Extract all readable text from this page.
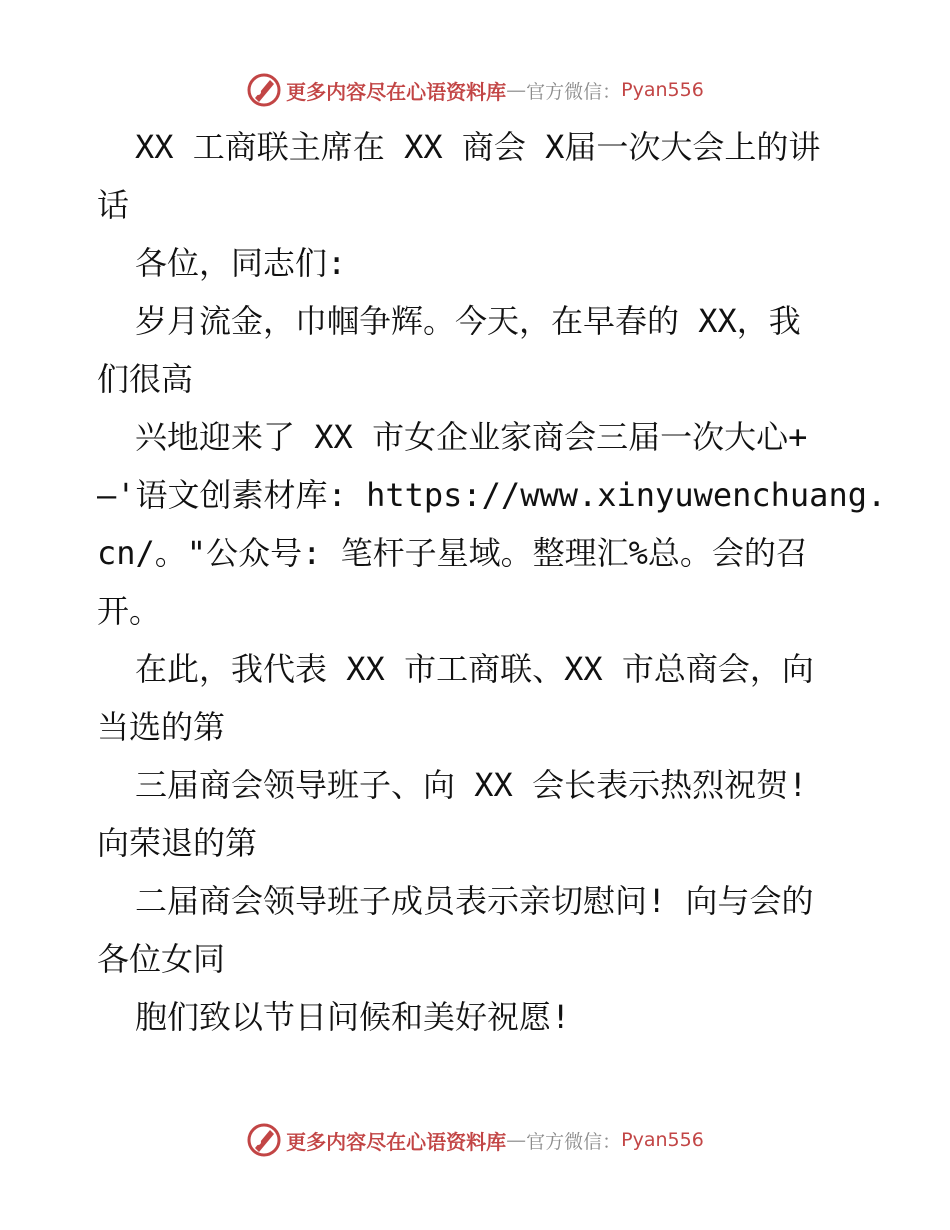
更多内容尽在心语资料库 — 官方微信： Pyan556
XX 工商联主席在 XX 商会 X届一次大会上的讲
话
各位，同志们:
岁月流金，巾帼争辉。今天，在早春的 XX，我
们很高
兴地迎来了 XX 市女企业家商会三届一次大心+
—'语文创素材库: https://www.xinyuwenchuang.
cn/。"公众号: 笔杆子星域。整理汇%总。会的召
开。
在此，我代表 XX 市工商联、XX 市总商会，向
当选的第
三届商会领导班子、向 XX 会长表示热烈祝贺!
向荣退的第
二届商会领导班子成员表示亲切慰问! 向与会的
各位女同
胞们致以节日问候和美好祝愿!
更多内容尽在心语资料库 — 官方微信： Pyan556
